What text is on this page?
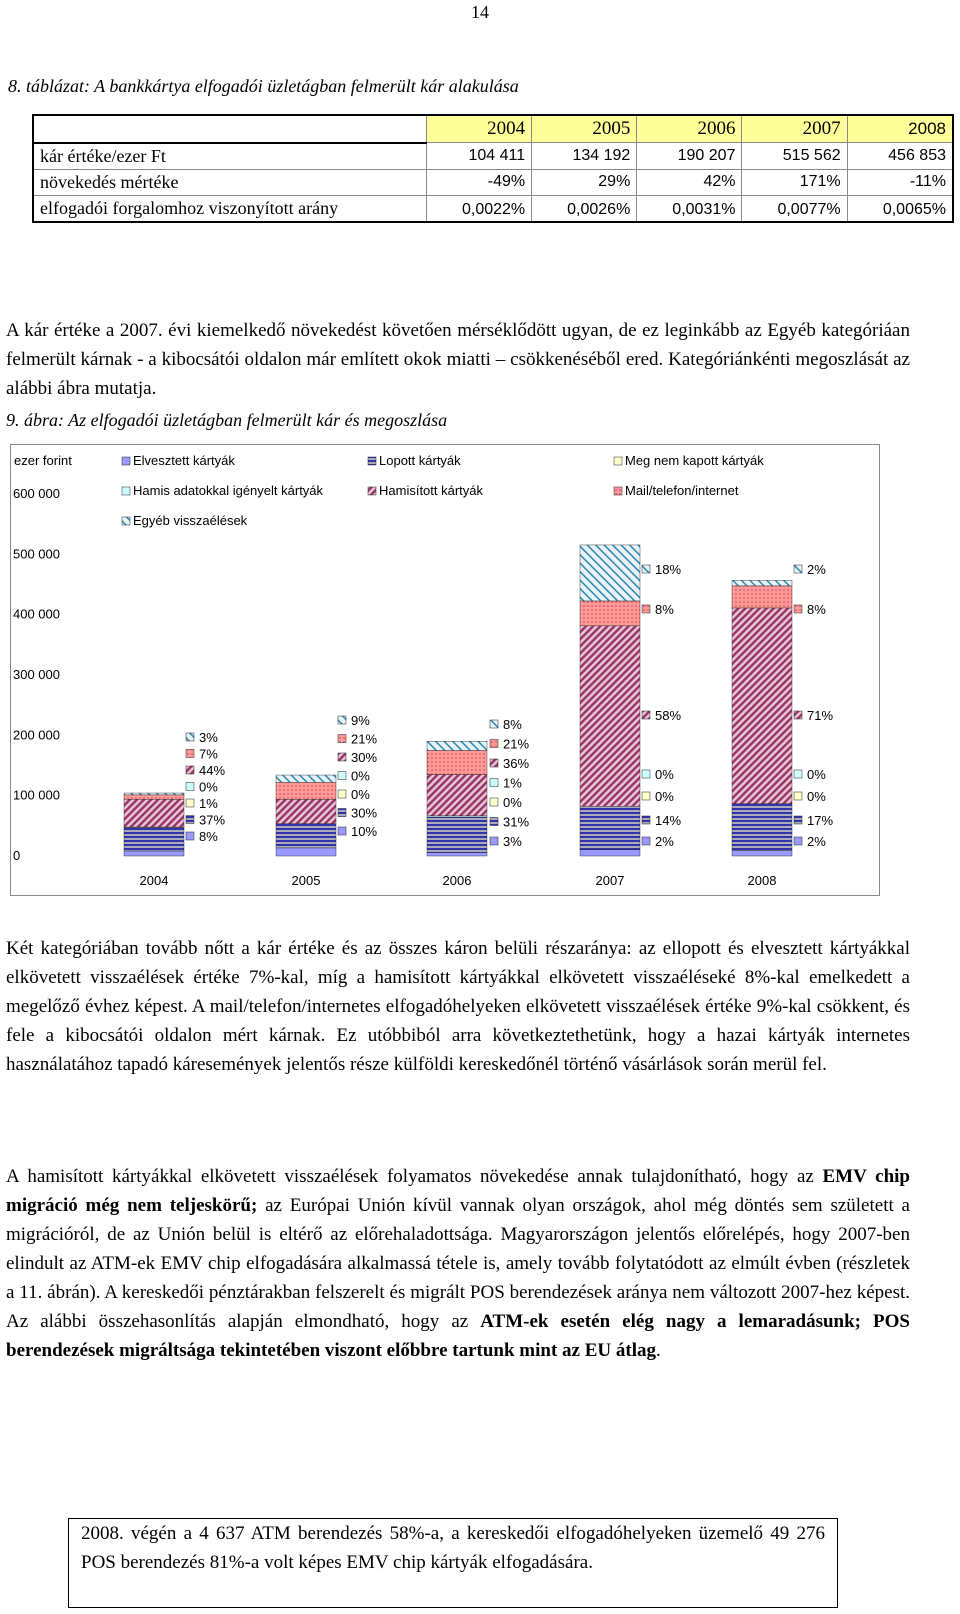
14
8. táblázat: A bankkártya elfogadói üzletágban felmerült kár alakulása
	2004	2005	2006	2007	2008
kár értéke/ezer Ft	104 411	134 192	190 207	515 562	456 853
növekedés mértéke	-49%	29%	42%	171%	-11%
elfogadói forgalomhoz viszonyított arány	0,0022%	0,0026%	0,0031%	0,0077%	0,0065%
A kár értéke a 2007. évi kiemelkedő növekedést követően mérséklődött ugyan, de ez leginkább az Egyéb kategóriáan felmerült kárnak - a kibocsátói oldalon már említett okok miatti – csökkenéséből ered. Kategóriánkénti megoszlását az alábbi ábra mutatja.
9. ábra: Az elfogadói üzletágban felmerült kár és megoszlása
ezer forint
0
100 000
200 000
300 000
400 000
500 000
600 000
3%
7%
44%
0%
1%
37%
8%
9%
21%
30%
0%
0%
30%
10%
8%
21%
36%
1%
0%
31%
3%
18%
8%
58%
0%
0%
14%
2%
2%
8%
71%
0%
0%
17%
2%
2004	2005	2006	2007	2008
Elvesztett kártyák	Lopott kártyák	Meg nem kapott kártyák
Hamis adatokkal igényelt kártyák	Hamisított kártyák	Mail/telefon/internet
Egyéb visszaélések
Két kategóriában tovább nőtt a kár értéke és az összes káron belüli részaránya: az ellopott és elvesztett kártyákkal elkövetett visszaélések értéke 7%-kal, míg a hamisított kártyákkal elkövetett visszaéléseké 8%-kal emelkedett a megelőző évhez képest. A mail/telefon/internetes elfogadóhelyeken elkövetett visszaélések értéke 9%-kal csökkent, és fele a kibocsátói oldalon mért kárnak. Ez utóbbiból arra következtethetünk, hogy a hazai kártyák internetes használatához tapadó káresemények jelentős része külföldi kereskedőnél történő vásárlások során merül fel.
A hamisított kártyákkal elkövetett visszaélések folyamatos növekedése annak tulajdonítható, hogy az EMV chip migráció még nem teljeskörű; az Európai Unión kívül vannak olyan országok, ahol még döntés sem született a migrációról, de az Unión belül is eltérő az előrehaladottsága. Magyarországon jelentős előrelépés, hogy 2007-ben elindult az ATM-ek EMV chip elfogadására alkalmassá tétele is, amely tovább folytatódott az elmúlt évben (részletek a 11. ábrán). A kereskedői pénztárakban felszerelt és migrált POS berendezések aránya nem változott 2007-hez képest. Az alábbi összehasonlítás alapján elmondható, hogy az ATM-ek esetén elég nagy a lemaradásunk; POS berendezések migráltsága tekintetében viszont előbbre tartunk mint az EU átlag.
2008. végén a 4 637 ATM berendezés 58%-a, a kereskedői elfogadóhelyeken üzemelő 49 276 POS berendezés 81%-a volt képes EMV chip kártyák elfogadására.
